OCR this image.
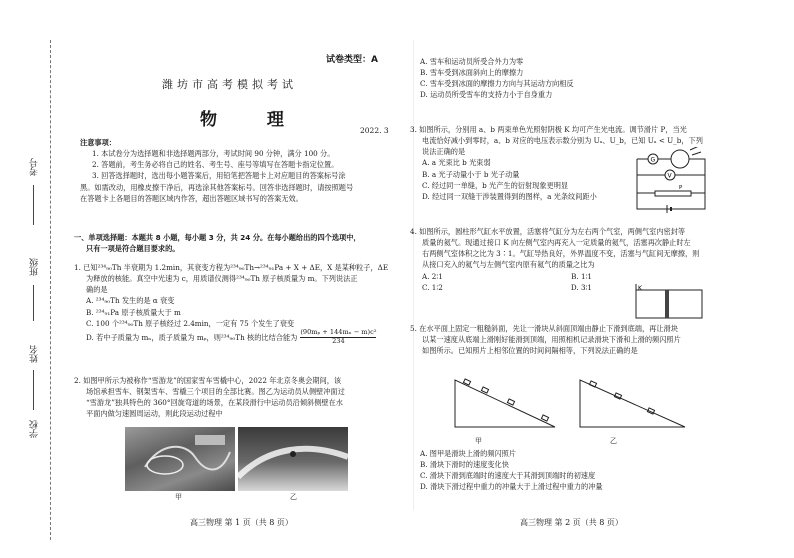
考号
班级
姓名
学校
试卷类型：A
潍坊市高考模拟考试
物 理
2022. 3

注意事项：

1. 本试卷分为选择题和非选择题两部分，考试时间 90 分钟，满分 100 分。

2. 答题前，考生务必将自己的姓名、考生号、座号等填写在答题卡指定位置。

3. 回答选择题时，选出每小题答案后，用铅笔把答题卡上对应题目的答案标号涂

黑。如需改动，用橡皮擦干净后，再选涂其他答案标号。回答非选择题时，请按照题号

在答题卡上各题目的答题区域内作答，超出答题区域书写的答案无效。

一、单项选择题：本题共 8 小题，每小题 3 分，共 24 分。在每小题给出的四个选项中，

只有一项是符合题目要求的。

1. 已知²³⁴₉₀Th 半衰期为 1.2min，其衰变方程为²³⁴₉₀Th→²³⁴₉₁Pa + X + ΔE，X 是某种粒子，ΔE

为释放的核能。真空中光速为 c，用质谱仪测得²³⁴₉₀Th 原子核质量为 m。下列说法正

确的是

A. ²³⁴₉₀Th 发生的是 α 衰变

B. ²³⁴₉₁Pa 原子核质量大于 m

C. 100 个²³⁴₉₀Th 原子核经过 2.4min，一定有 75 个发生了衰变

D. 若中子质量为 mₙ，质子质量为 mₚ，则²³⁴₉₀Th 核的比结合能为 $\frac{\text{(90mₚ + 144mₙ − m)c²}}{234}$

2. 如图甲所示为被称作“雪游龙”的国家雪车雪橇中心，2022 年北京冬奥会期间，该

场馆承担雪车、钢架雪车、雪橇三个项目的全部比赛。图乙为运动员从侧壁冲面过

“雪游龙”独具特色的 360°回旋弯道的场景，在某段滑行中运动员沿倾斜侧壁在水

平面内做匀速圆周运动，则此段运动过程中

甲	乙

A. 雪车和运动员所受合外力为零

B. 雪车受到冰面斜向上的摩擦力

C. 雪车受到冰面的摩擦力方向与其运动方向相反

D. 运动员所受雪车的支持力小于自身重力

3. 如图所示，分别用 a、b 两束单色光照射阴极 K 均可产生光电流。调节滑片 P，当光

电流恰好减小到零时，a、b 对应的电压表示数分别为 Uₐ、U_b，已知 Uₐ < U_b，下列

说法正确的是

A. a 光束比 b 光束弱

B. a 光子动量小于 b 光子动量

C. 经过同一单缝，b 光产生的衍射现象更明显

D. 经过同一双缝干涉装置得到的图样，a 光条纹间距小

G
V
P

4. 如图所示，圆柱形气缸水平放置，活塞将气缸分为左右两个气室，两侧气室内密封等

质量的氦气。现通过接口 K 向左侧气室内再充入一定质量的氦气，活塞再次静止时左

右两侧气室体积之比为 3∶1。气缸导热良好，外界温度不变，活塞与气缸间无摩擦，则

从接口充入的氦气与左侧气室内原有氦气的质量之比为

A. 2∶1	B. 1∶1
C. 1∶2	D. 3∶1	K

5. 在水平面上固定一粗糙斜面，先让一滑块从斜面顶端由静止下滑到底端，再让滑块

以某一速度从底端上滑刚好能滑到顶端，用照相机记录滑块下滑和上滑的频闪照片

如图所示。已知照片上相邻位置的时间间隔相等，下列说法正确的是

甲	乙

A. 图甲是滑块上滑的频闪照片

B. 滑块下滑时的速度变化快

C. 滑块下滑到底端时的速度大于其滑到顶端时的初速度

D. 滑块下滑过程中重力的冲量大于上滑过程中重力的冲量

高三物理 第 1 页（共 8 页）	高三物理 第 2 页（共 8 页）
